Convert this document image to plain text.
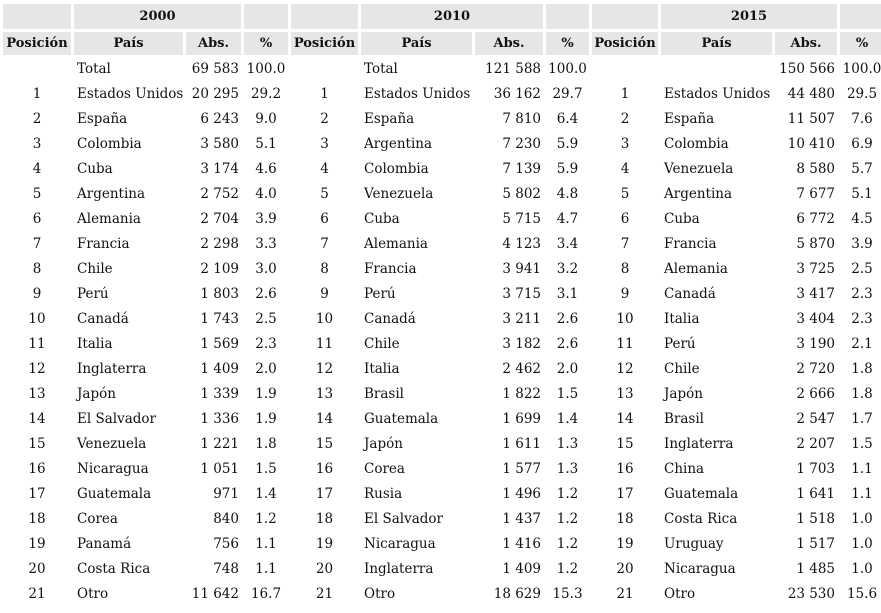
	2000				2010				2015		
Posición	País	Abs.	%	Posición	País	Abs.	%	Posición	País	Abs.	%
	Total	69 583	100.0		Total	121 588	100.0			150 566	100.0
1	Estados Unidos	20 295	29.2	1	Estados Unidos	36 162	29.7	1	Estados Unidos	44 480	29.5
2	España	6 243	9.0	2	España	7 810	6.4	2	España	11 507	7.6
3	Colombia	3 580	5.1	3	Argentina	7 230	5.9	3	Colombia	10 410	6.9
4	Cuba	3 174	4.6	4	Colombia	7 139	5.9	4	Venezuela	8 580	5.7
5	Argentina	2 752	4.0	5	Venezuela	5 802	4.8	5	Argentina	7 677	5.1
6	Alemania	2 704	3.9	6	Cuba	5 715	4.7	6	Cuba	6 772	4.5
7	Francia	2 298	3.3	7	Alemania	4 123	3.4	7	Francia	5 870	3.9
8	Chile	2 109	3.0	8	Francia	3 941	3.2	8	Alemania	3 725	2.5
9	Perú	1 803	2.6	9	Perú	3 715	3.1	9	Canadá	3 417	2.3
10	Canadá	1 743	2.5	10	Canadá	3 211	2.6	10	Italia	3 404	2.3
11	Italia	1 569	2.3	11	Chile	3 182	2.6	11	Perú	3 190	2.1
12	Inglaterra	1 409	2.0	12	Italia	2 462	2.0	12	Chile	2 720	1.8
13	Japón	1 339	1.9	13	Brasil	1 822	1.5	13	Japón	2 666	1.8
14	El Salvador	1 336	1.9	14	Guatemala	1 699	1.4	14	Brasil	2 547	1.7
15	Venezuela	1 221	1.8	15	Japón	1 611	1.3	15	Inglaterra	2 207	1.5
16	Nicaragua	1 051	1.5	16	Corea	1 577	1.3	16	China	1 703	1.1
17	Guatemala	971	1.4	17	Rusia	1 496	1.2	17	Guatemala	1 641	1.1
18	Corea	840	1.2	18	El Salvador	1 437	1.2	18	Costa Rica	1 518	1.0
19	Panamá	756	1.1	19	Nicaragua	1 416	1.2	19	Uruguay	1 517	1.0
20	Costa Rica	748	1.1	20	Inglaterra	1 409	1.2	20	Nicaragua	1 485	1.0
21	Otro	11 642	16.7	21	Otro	18 629	15.3	21	Otro	23 530	15.6
